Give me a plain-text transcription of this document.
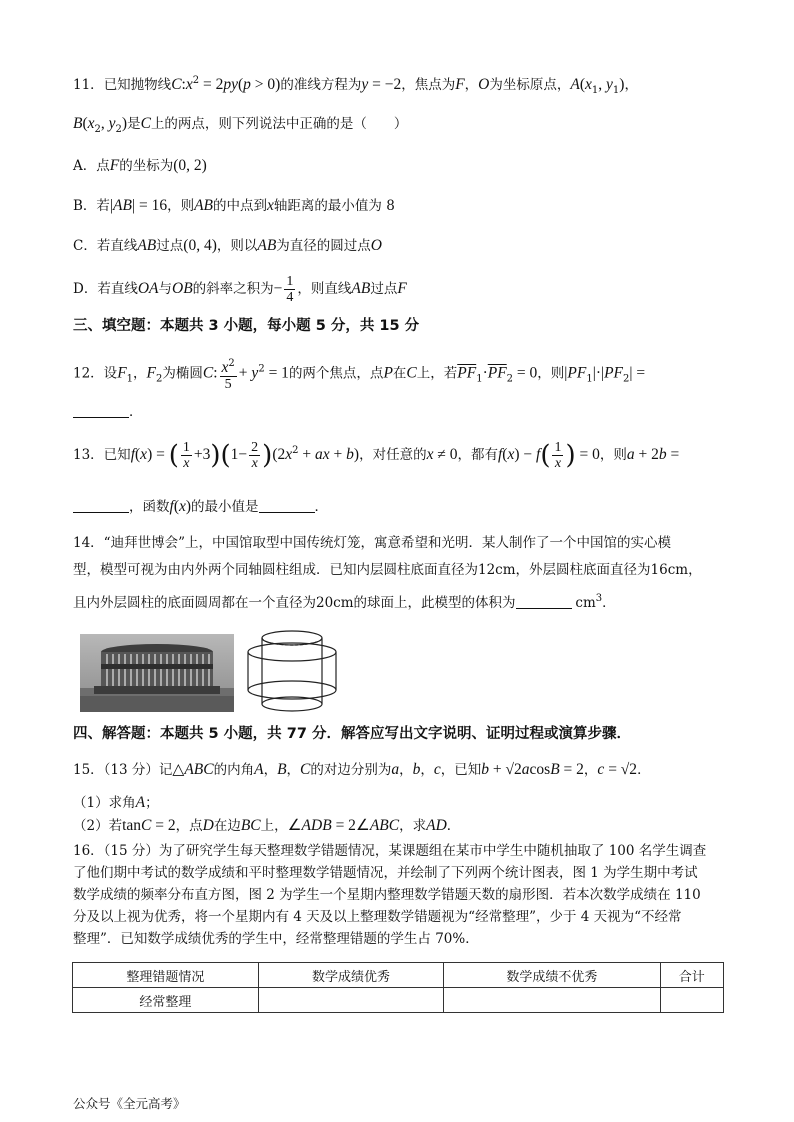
11．已知抛物线$C:x^2 = 2py(p > 0)$的准线方程为y = −2，焦点为F，O为坐标原点，$A(x_1$, $y_1$)，
$B(x_2$, $y_2$)是C上的两点，则下列说法中正确的是（　　）
A．点F的坐标为(0, 2)
B．若|AB| = 16，则AB的中点到x轴距离的最小值为 8
C．若直线AB过点(0, 4)，则以AB为直径的圆过点O
D．若直线OA与OB的斜率之积为− $\frac{1}{4}$ ，则直线AB过点F
三、填空题：本题共 3 小题，每小题 5 分，共 15 分
12．设$F_1$，$F_2$为椭圆C: $\frac{x^2}{5} + y^2 = 1$的两个焦点，点P在C上，若$\overline{PF}_1\cdot\overline{PF}_2 = 0$，则$|PF_1|\cdot|PF_2|$ =
．
13．已知f(x) = ( $\frac{1}{x} +3)(1- \frac{2}{x} )(2x^2$ + ax + b)，对任意的x ≠ 0，都有$f(x) - f( \frac{1}{x}$ ) = 0，则a + 2b =
，函数f(x)的最小值是	．
14．“迪拜世博会”上，中国馆取型中国传统灯笼，寓意希望和光明．某人制作了一个中国馆的实心模
型，模型可视为由内外两个同轴圆柱组成．已知内层圆柱底面直径为12cm，外层圆柱底面直径为16cm，
且内外层圆柱的底面圆周都在一个直径为20cm的球面上，此模型的体积为	$cm^3$．
四、解答题：本题共 5 小题，共 77 分．解答应写出文字说明、证明过程或演算步骤．
15．（13 分）记△ABC的内角A，B，C的对边分别为a，b，c，已知b + √2acosB = 2，c = √2．
（1）求角A；
（2）若tanC = 2，点D在边BC上，∠ADB = 2∠ABC，求AD．
16．（15 分）为了研究学生每天整理数学错题情况，某课题组在某市中学生中随机抽取了 100 名学生调查
了他们期中考试的数学成绩和平时整理数学错题情况，并绘制了下列两个统计图表，图 1 为学生期中考试
数学成绩的频率分布直方图，图 2 为学生一个星期内整理数学错题天数的扇形图．若本次数学成绩在 110
分及以上视为优秀，将一个星期内有 4 天及以上整理数学错题视为“经常整理”，少于 4 天视为“不经常
整理”．已知数学成绩优秀的学生中，经常整理错题的学生占 70%．
整理错题情况	数学成绩优秀	数学成绩不优秀	合计
经常整理			
公众号《全元高考》
